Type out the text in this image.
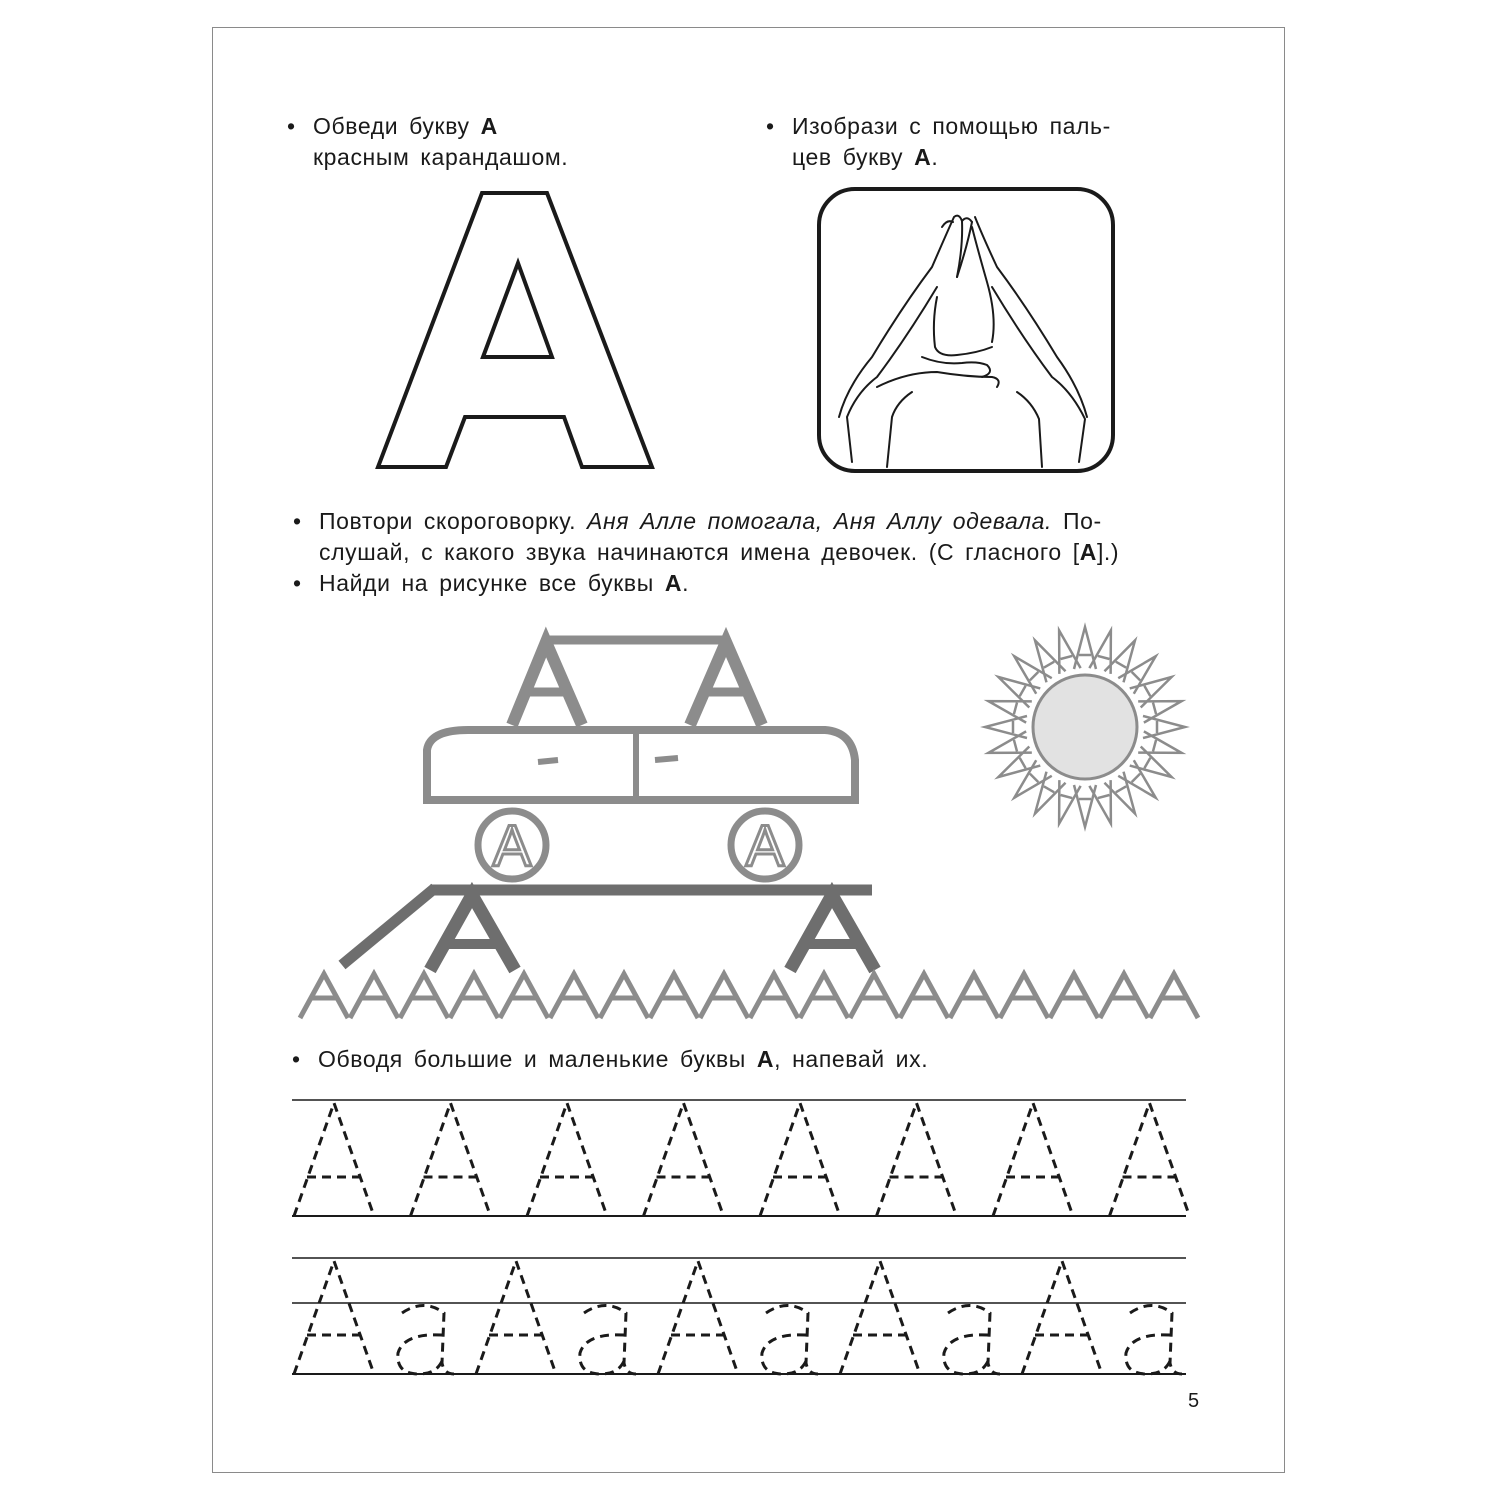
• Обведи букву А
красным карандашом.
• Изобрази с помощью паль-
цев букву А.
• Повтори скороговорку. Аня Алле помогала, Аня Аллу одевала. По-
слушай, с какого звука начинаются имена девочек. (С гласного [А].)
• Найди на рисунке все буквы А.
А	А
• Обводя большие и маленькие буквы А, напевай их.
5
